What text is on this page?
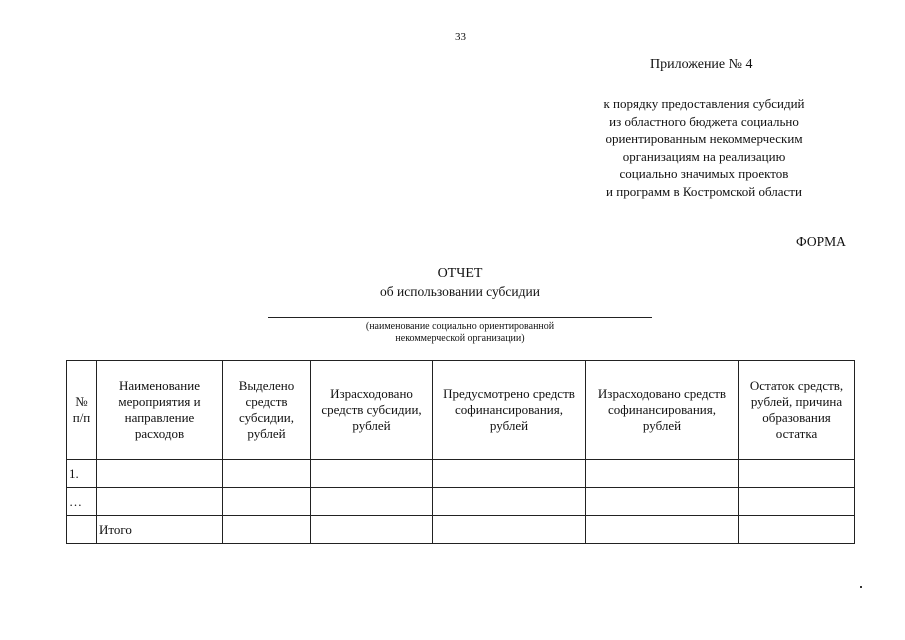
33
Приложение № 4
к порядку предоставления субсидий
из областного бюджета социально
ориентированным некоммерческим
организациям на реализацию
социально значимых проектов
и программ в Костромской области
ФОРМА
ОТЧЕТ
об использовании субсидии
(наименование социально ориентированной
некоммерческой организации)
№ п/п	Наименование мероприятия и направление расходов	Выделено средств субсидии, рублей	Израсходовано средств субсидии, рублей	Предусмотрено средств софинансирования, рублей	Израсходовано средств софинансирования, рублей	Остаток средств, рублей, причина образования остатка
1.						
…						
	Итого					
